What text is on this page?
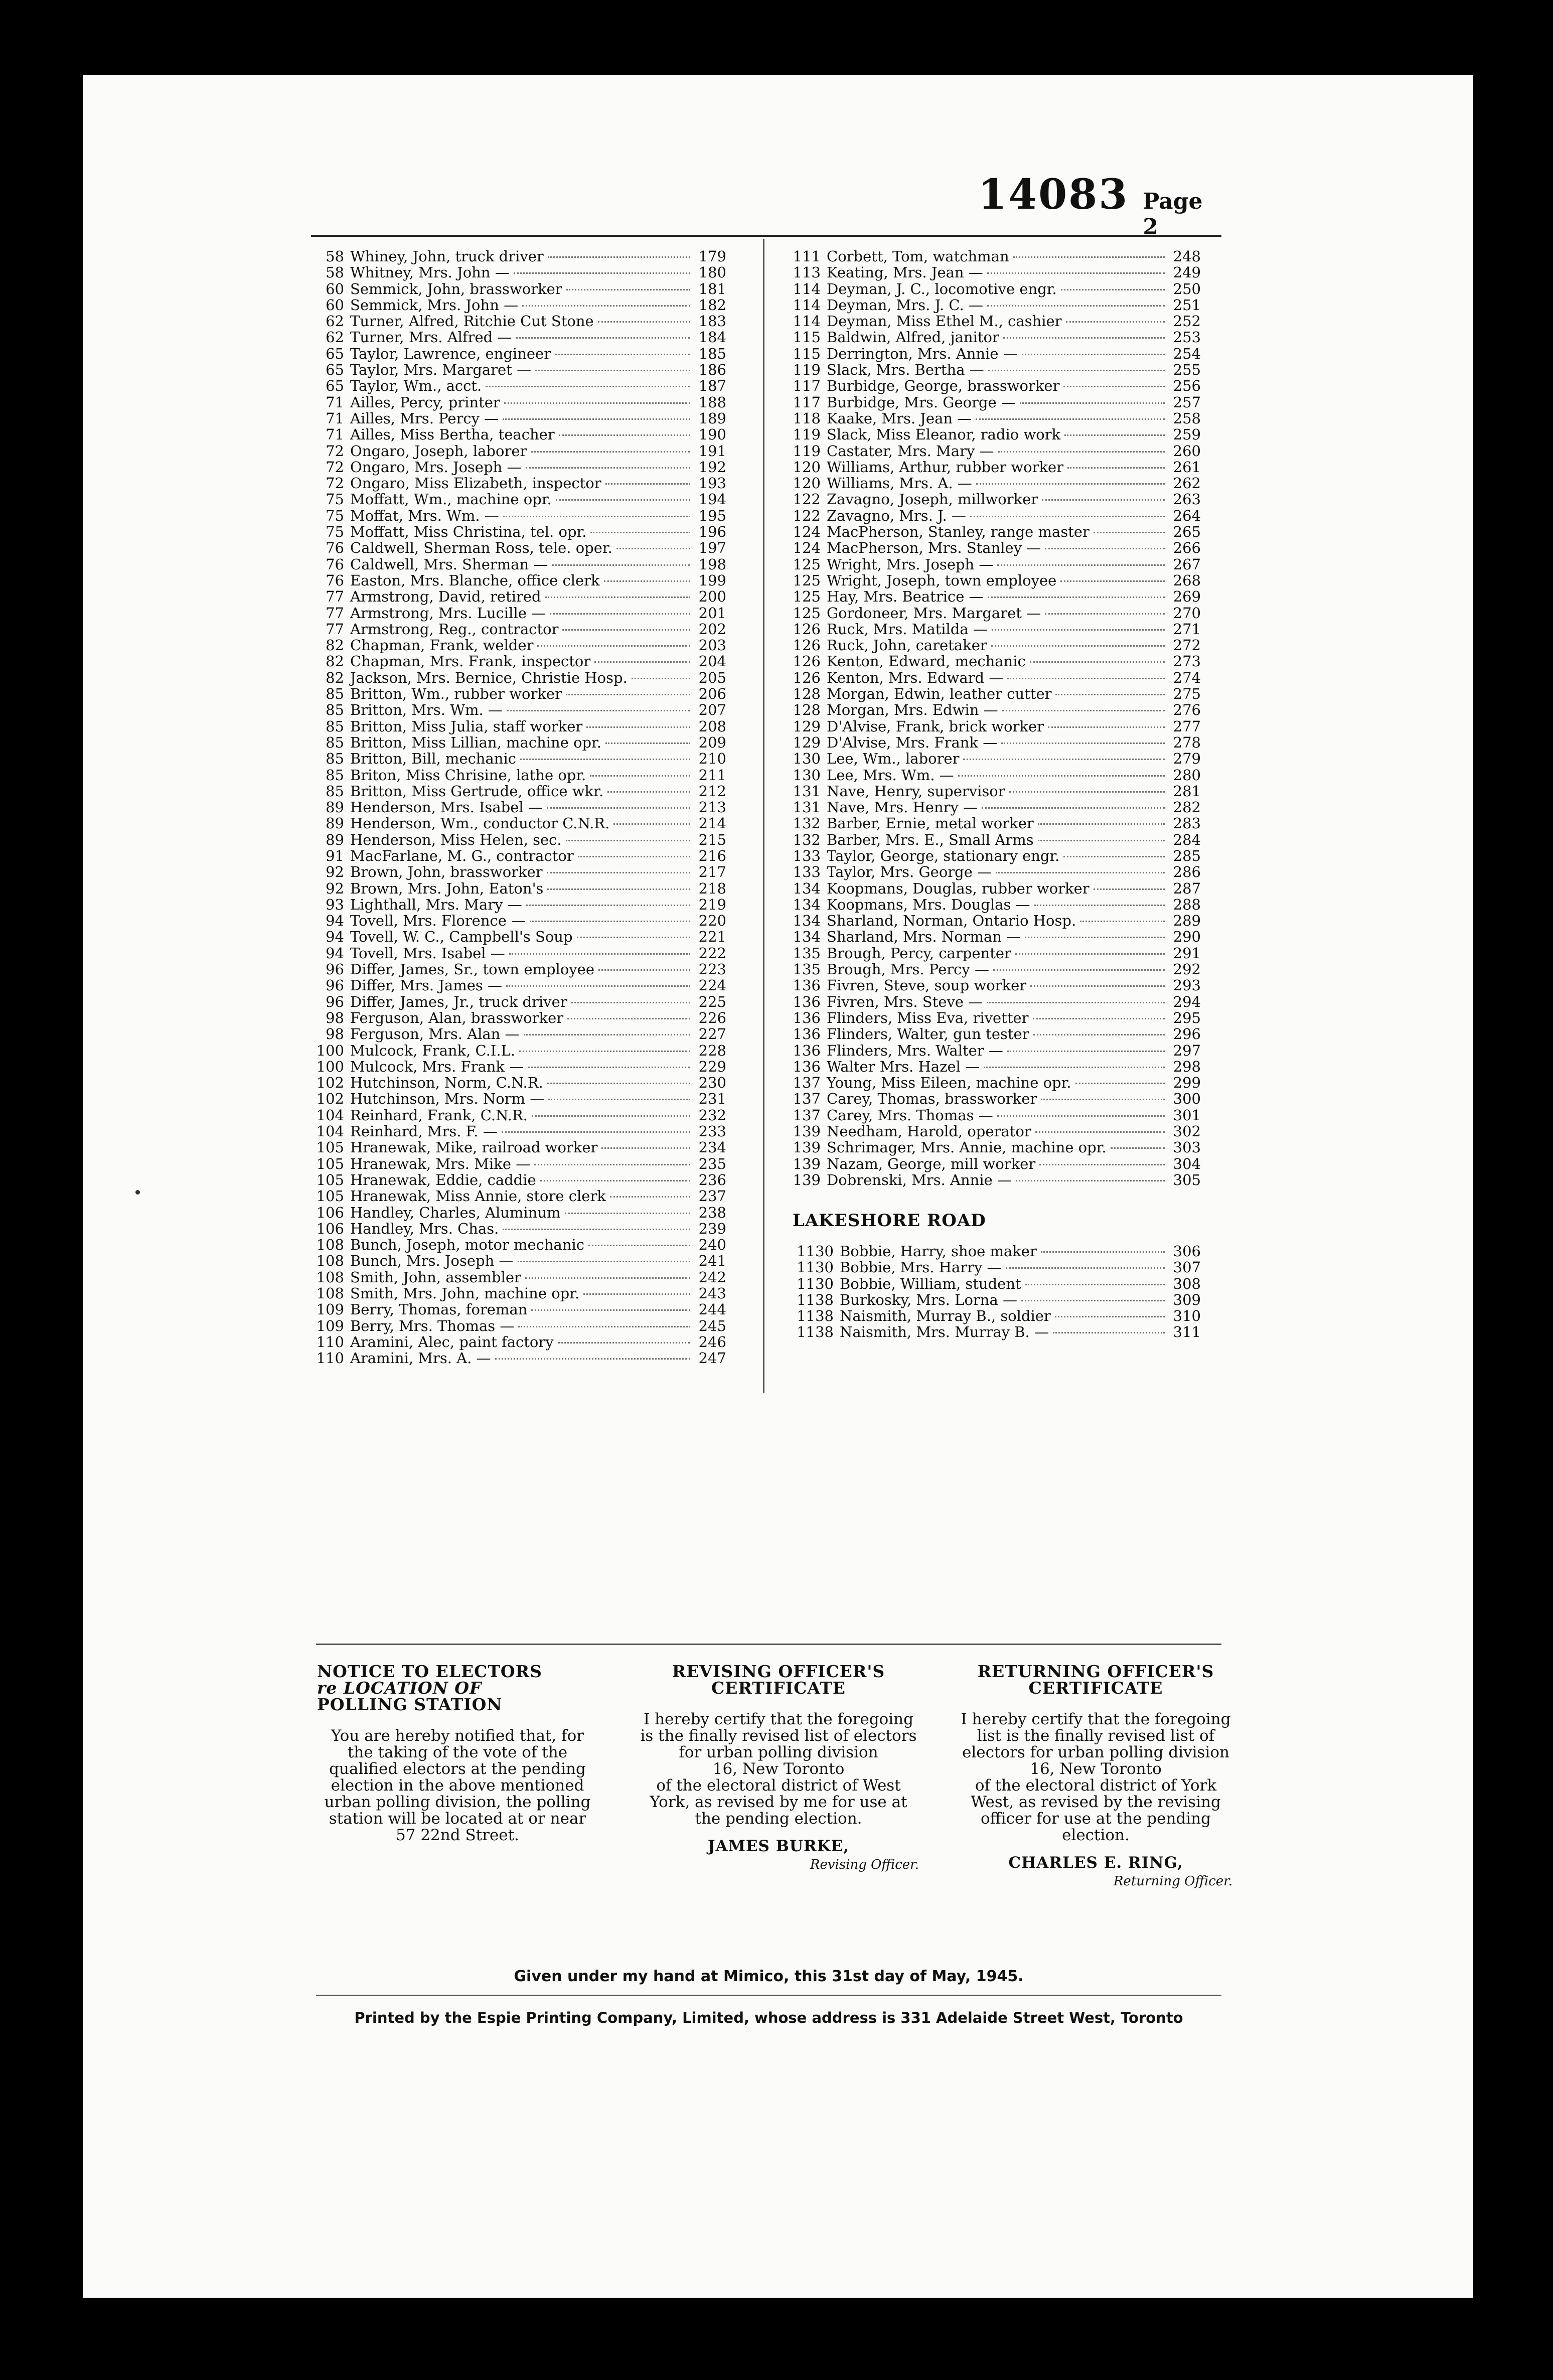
14083 Page 2
58 Whiney, John, truck driver	179
58 Whitney, Mrs. John —	180
60 Semmick, John, brassworker	181
60 Semmick, Mrs. John —	182
62 Turner, Alfred, Ritchie Cut Stone	183
62 Turner, Mrs. Alfred —	184
65 Taylor, Lawrence, engineer	185
65 Taylor, Mrs. Margaret —	186
65 Taylor, Wm., acct.	187
71 Ailles, Percy, printer	188
71 Ailles, Mrs. Percy —	189
71 Ailles, Miss Bertha, teacher	190
72 Ongaro, Joseph, laborer	191
72 Ongaro, Mrs. Joseph —	192
72 Ongaro, Miss Elizabeth, inspector	193
75 Moffatt, Wm., machine opr.	194
75 Moffat, Mrs. Wm. —	195
75 Moffatt, Miss Christina, tel. opr.	196
76 Caldwell, Sherman Ross, tele. oper.	197
76 Caldwell, Mrs. Sherman —	198
76 Easton, Mrs. Blanche, office clerk	199
77 Armstrong, David, retired	200
77 Armstrong, Mrs. Lucille —	201
77 Armstrong, Reg., contractor	202
82 Chapman, Frank, welder	203
82 Chapman, Mrs. Frank, inspector	204
82 Jackson, Mrs. Bernice, Christie Hosp.	205
85 Britton, Wm., rubber worker	206
85 Britton, Mrs. Wm. —	207
85 Britton, Miss Julia, staff worker	208
85 Britton, Miss Lillian, machine opr.	209
85 Britton, Bill, mechanic	210
85 Briton, Miss Chrisine, lathe opr.	211
85 Britton, Miss Gertrude, office wkr.	212
89 Henderson, Mrs. Isabel —	213
89 Henderson, Wm., conductor C.N.R.	214
89 Henderson, Miss Helen, sec.	215
91 MacFarlane, M. G., contractor	216
92 Brown, John, brassworker	217
92 Brown, Mrs. John, Eaton's	218
93 Lighthall, Mrs. Mary —	219
94 Tovell, Mrs. Florence —	220
94 Tovell, W. C., Campbell's Soup	221
94 Tovell, Mrs. Isabel —	222
96 Differ, James, Sr., town employee	223
96 Differ, Mrs. James —	224
96 Differ, James, Jr., truck driver	225
98 Ferguson, Alan, brassworker	226
98 Ferguson, Mrs. Alan —	227
100 Mulcock, Frank, C.I.L.	228
100 Mulcock, Mrs. Frank —	229
102 Hutchinson, Norm, C.N.R.	230
102 Hutchinson, Mrs. Norm —	231
104 Reinhard, Frank, C.N.R.	232
104 Reinhard, Mrs. F. —	233
105 Hranewak, Mike, railroad worker	234
105 Hranewak, Mrs. Mike —	235
105 Hranewak, Eddie, caddie	236
105 Hranewak, Miss Annie, store clerk	237
106 Handley, Charles, Aluminum	238
106 Handley, Mrs. Chas.	239
108 Bunch, Joseph, motor mechanic	240
108 Bunch, Mrs. Joseph —	241
108 Smith, John, assembler	242
108 Smith, Mrs. John, machine opr.	243
109 Berry, Thomas, foreman	244
109 Berry, Mrs. Thomas —	245
110 Aramini, Alec, paint factory	246
110 Aramini, Mrs. A. —	247
111 Corbett, Tom, watchman	248
113 Keating, Mrs. Jean —	249
114 Deyman, J. C., locomotive engr.	250
114 Deyman, Mrs. J. C. —	251
114 Deyman, Miss Ethel M., cashier	252
115 Baldwin, Alfred, janitor	253
115 Derrington, Mrs. Annie —	254
119 Slack, Mrs. Bertha —	255
117 Burbidge, George, brassworker	256
117 Burbidge, Mrs. George —	257
118 Kaake, Mrs. Jean —	258
119 Slack, Miss Eleanor, radio work	259
119 Castater, Mrs. Mary —	260
120 Williams, Arthur, rubber worker	261
120 Williams, Mrs. A. —	262
122 Zavagno, Joseph, millworker	263
122 Zavagno, Mrs. J. —	264
124 MacPherson, Stanley, range master	265
124 MacPherson, Mrs. Stanley —	266
125 Wright, Mrs. Joseph —	267
125 Wright, Joseph, town employee	268
125 Hay, Mrs. Beatrice —	269
125 Gordoneer, Mrs. Margaret —	270
126 Ruck, Mrs. Matilda —	271
126 Ruck, John, caretaker	272
126 Kenton, Edward, mechanic	273
126 Kenton, Mrs. Edward —	274
128 Morgan, Edwin, leather cutter	275
128 Morgan, Mrs. Edwin —	276
129 D'Alvise, Frank, brick worker	277
129 D'Alvise, Mrs. Frank —	278
130 Lee, Wm., laborer	279
130 Lee, Mrs. Wm. —	280
131 Nave, Henry, supervisor	281
131 Nave, Mrs. Henry —	282
132 Barber, Ernie, metal worker	283
132 Barber, Mrs. E., Small Arms	284
133 Taylor, George, stationary engr.	285
133 Taylor, Mrs. George —	286
134 Koopmans, Douglas, rubber worker	287
134 Koopmans, Mrs. Douglas —	288
134 Sharland, Norman, Ontario Hosp.	289
134 Sharland, Mrs. Norman —	290
135 Brough, Percy, carpenter	291
135 Brough, Mrs. Percy —	292
136 Fivren, Steve, soup worker	293
136 Fivren, Mrs. Steve —	294
136 Flinders, Miss Eva, rivetter	295
136 Flinders, Walter, gun tester	296
136 Flinders, Mrs. Walter —	297
136 Walter Mrs. Hazel —	298
137 Young, Miss Eileen, machine opr.	299
137 Carey, Thomas, brassworker	300
137 Carey, Mrs. Thomas —	301
139 Needham, Harold, operator	302
139 Schrimager, Mrs. Annie, machine opr.	303
139 Nazam, George, mill worker	304
139 Dobrenski, Mrs. Annie —	305
LAKESHORE ROAD
1130 Bobbie, Harry, shoe maker	306
1130 Bobbie, Mrs. Harry —	307
1130 Bobbie, William, student	308
1138 Burkosky, Mrs. Lorna —	309
1138 Naismith, Murray B., soldier	310
1138 Naismith, Mrs. Murray B. —	311
NOTICE TO ELECTORS
re LOCATION OF
POLLING STATION
You are hereby notified that, for the taking of the vote of the qualified electors at the pending election in the above mentioned urban polling division, the polling station will be located at or near 57 22nd Street.
REVISING OFFICER'S
CERTIFICATE
I hereby certify that the foregoing is the finally revised list of electors for urban polling division
16, New Toronto
of the electoral district of West York, as revised by me for use at the pending election.
JAMES BURKE,
Revising Officer.
RETURNING OFFICER'S
CERTIFICATE
I hereby certify that the foregoing list is the finally revised list of electors for urban polling division
16, New Toronto
of the electoral district of York West, as revised by the revising officer for use at the pending election.
CHARLES E. RING,
Returning Officer.
Given under my hand at Mimico, this 31st day of May, 1945.
Printed by the Espie Printing Company, Limited, whose address is 331 Adelaide Street West, Toronto
